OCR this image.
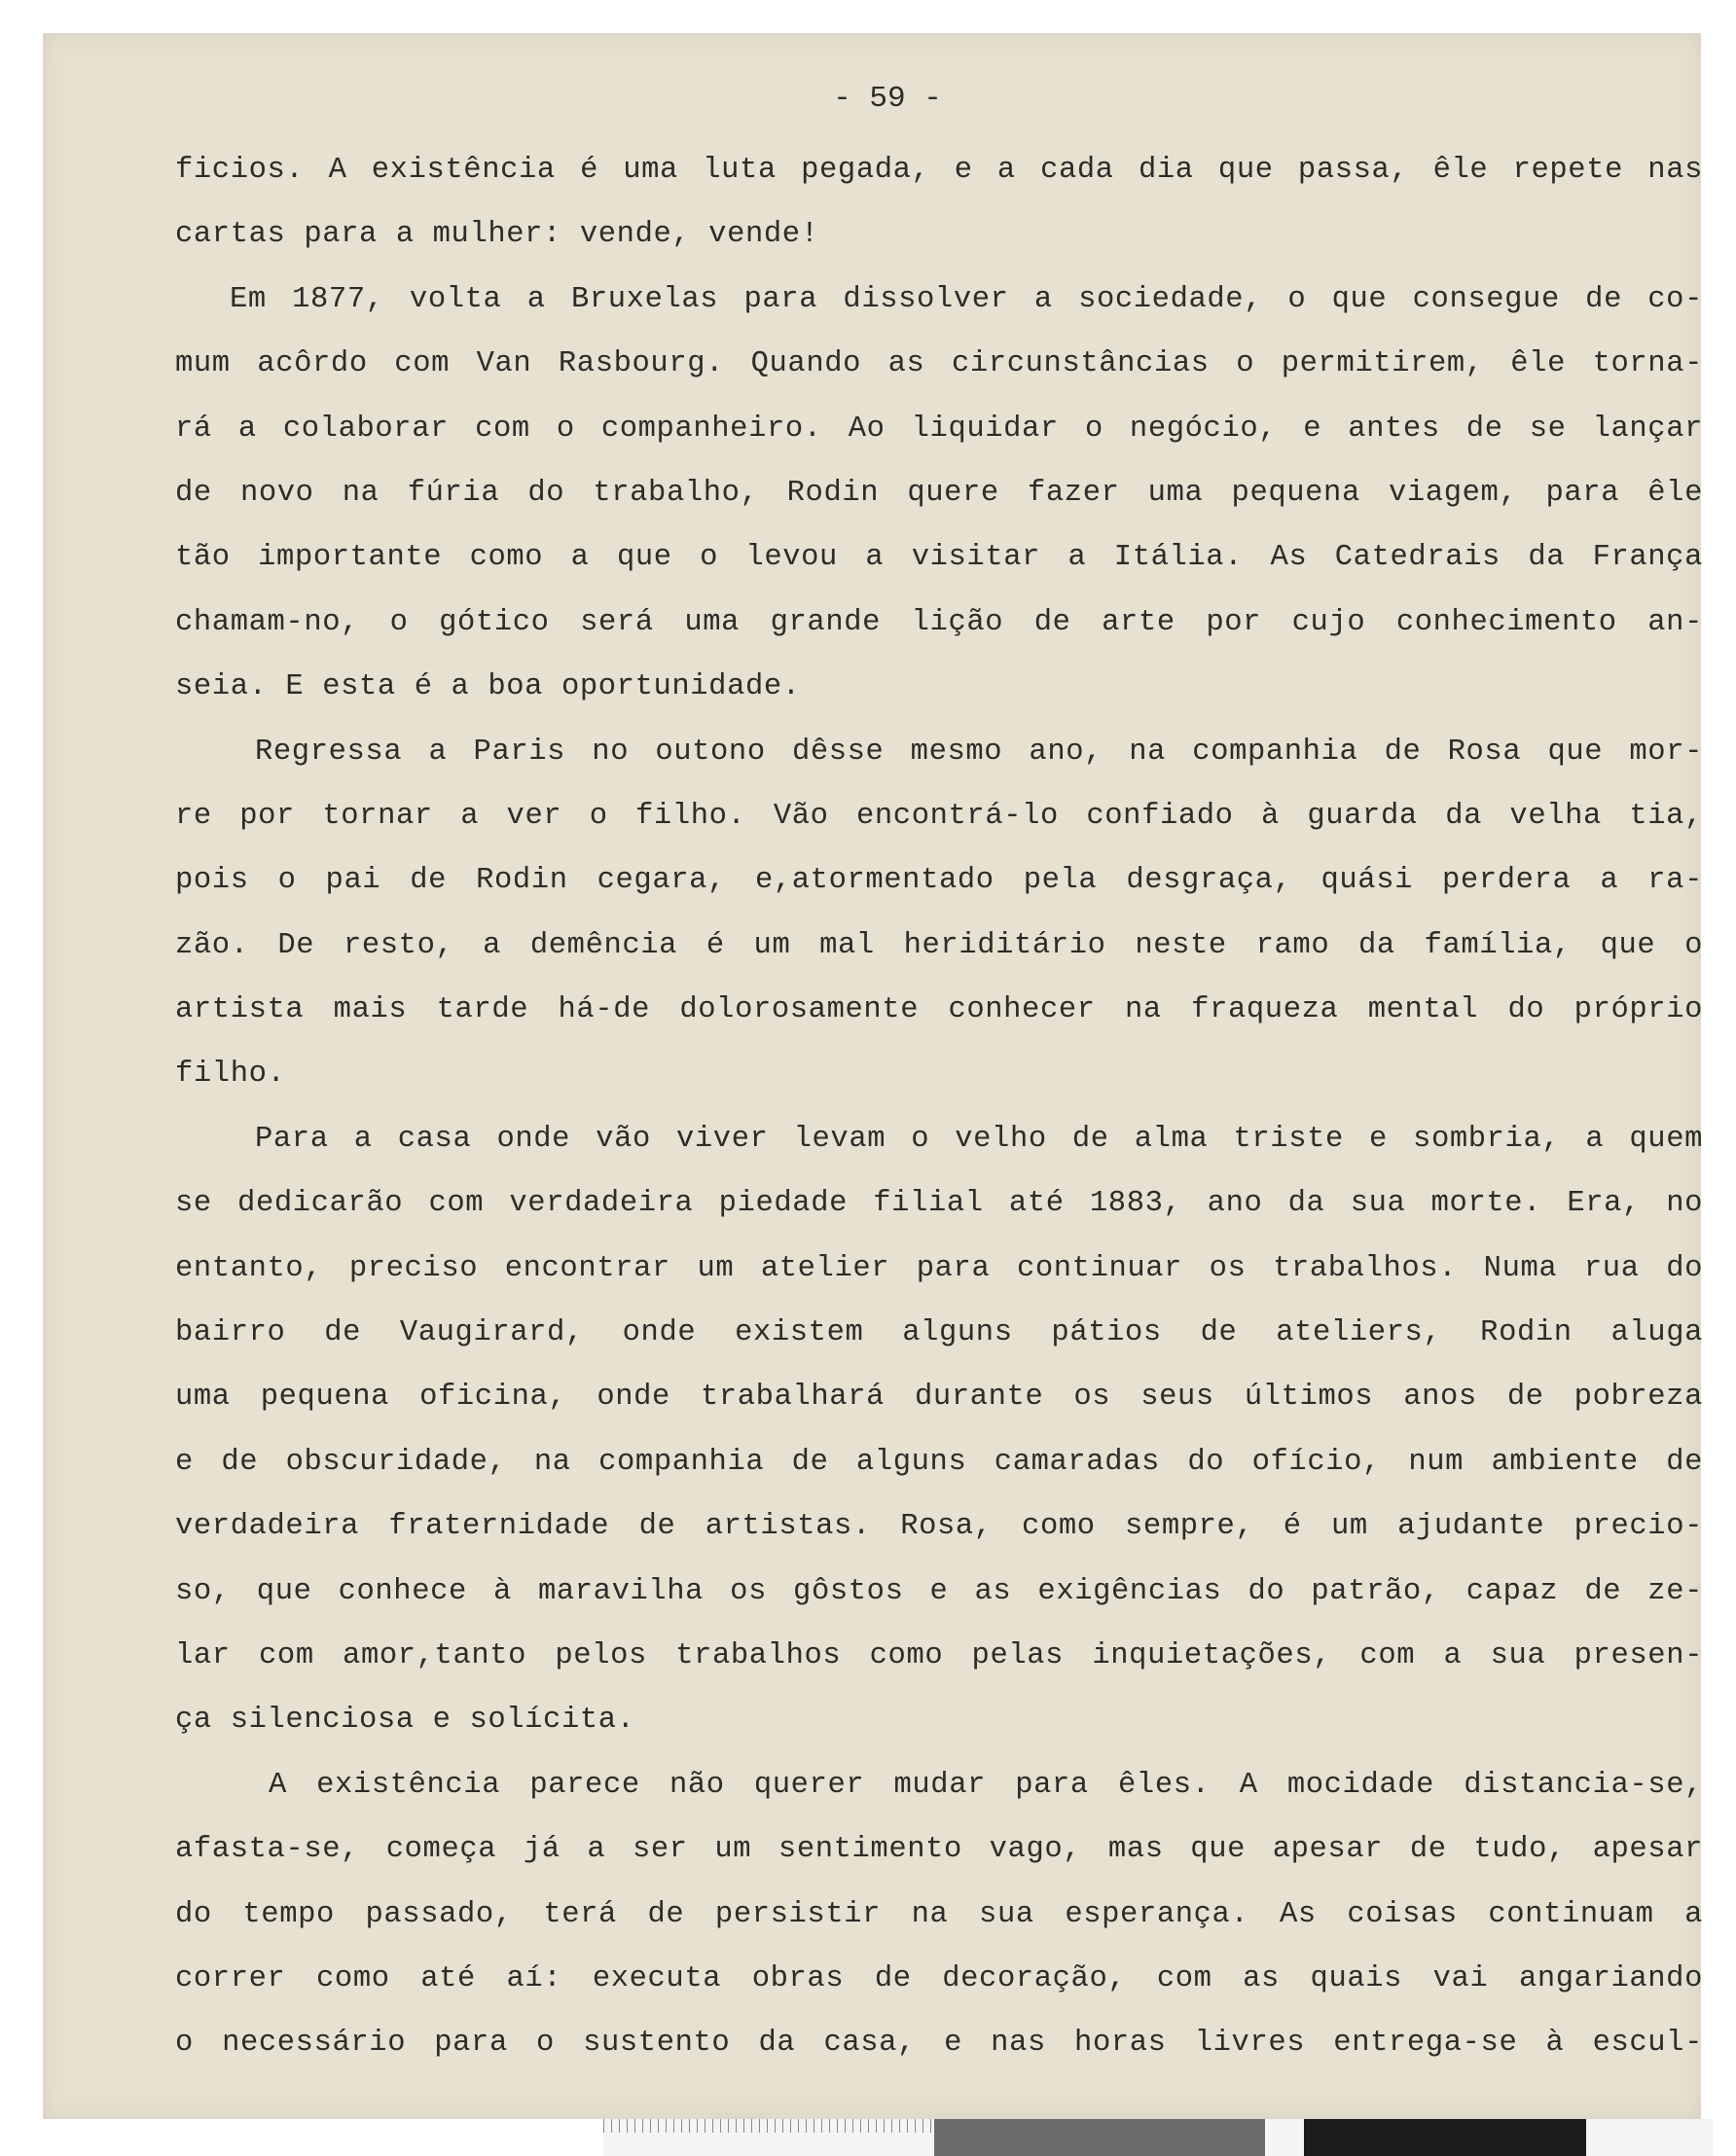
- 59 -
ficios. A existência é uma luta pegada, e a cada dia que passa, êle repete nas
cartas para a mulher: vende, vende!
Em 1877, volta a Bruxelas para dissolver a sociedade, o que consegue de co-
mum acôrdo com Van Rasbourg. Quando as circunstâncias o permitirem, êle torna-
rá a colaborar com o companheiro. Ao liquidar o negócio, e antes de se lançar
de novo na fúria do trabalho, Rodin quere fazer uma pequena viagem, para êle
tão importante como a que o levou a visitar a Itália. As Catedrais da França
chamam-no, o gótico será uma grande lição de arte por cujo conhecimento an-
seia. E esta é a boa oportunidade.
Regressa a Paris no outono dêsse mesmo ano, na companhia de Rosa que mor-
re por tornar a ver o filho. Vão encontrá-lo confiado à guarda da velha tia,
pois o pai de Rodin cegara, e,atormentado pela desgraça, quási perdera a ra-
zão. De resto, a demência é um mal heriditário neste ramo da família, que o
artista mais tarde há-de dolorosamente conhecer na fraqueza mental do próprio
filho.
Para a casa onde vão viver levam o velho de alma triste e sombria, a quem
se dedicarão com verdadeira piedade filial até 1883, ano da sua morte. Era, no
entanto, preciso encontrar um atelier para continuar os trabalhos. Numa rua do
bairro de Vaugirard, onde existem alguns pátios de ateliers, Rodin aluga
uma pequena oficina, onde trabalhará durante os seus últimos anos de pobreza
e de obscuridade, na companhia de alguns camaradas do ofício, num ambiente de
verdadeira fraternidade de artistas. Rosa, como sempre, é um ajudante precio-
so, que conhece à maravilha os gôstos e as exigências do patrão, capaz de ze-
lar com amor,tanto pelos trabalhos como pelas inquietações, com a sua presen-
ça silenciosa e solícita.
A existência parece não querer mudar para êles. A mocidade distancia-se,
afasta-se, começa já a ser um sentimento vago, mas que apesar de tudo, apesar
do tempo passado, terá de persistir na sua esperança. As coisas continuam a
correr como até aí: executa obras de decoração, com as quais vai angariando
o necessário para o sustento da casa, e nas horas livres entrega-se à escul-
